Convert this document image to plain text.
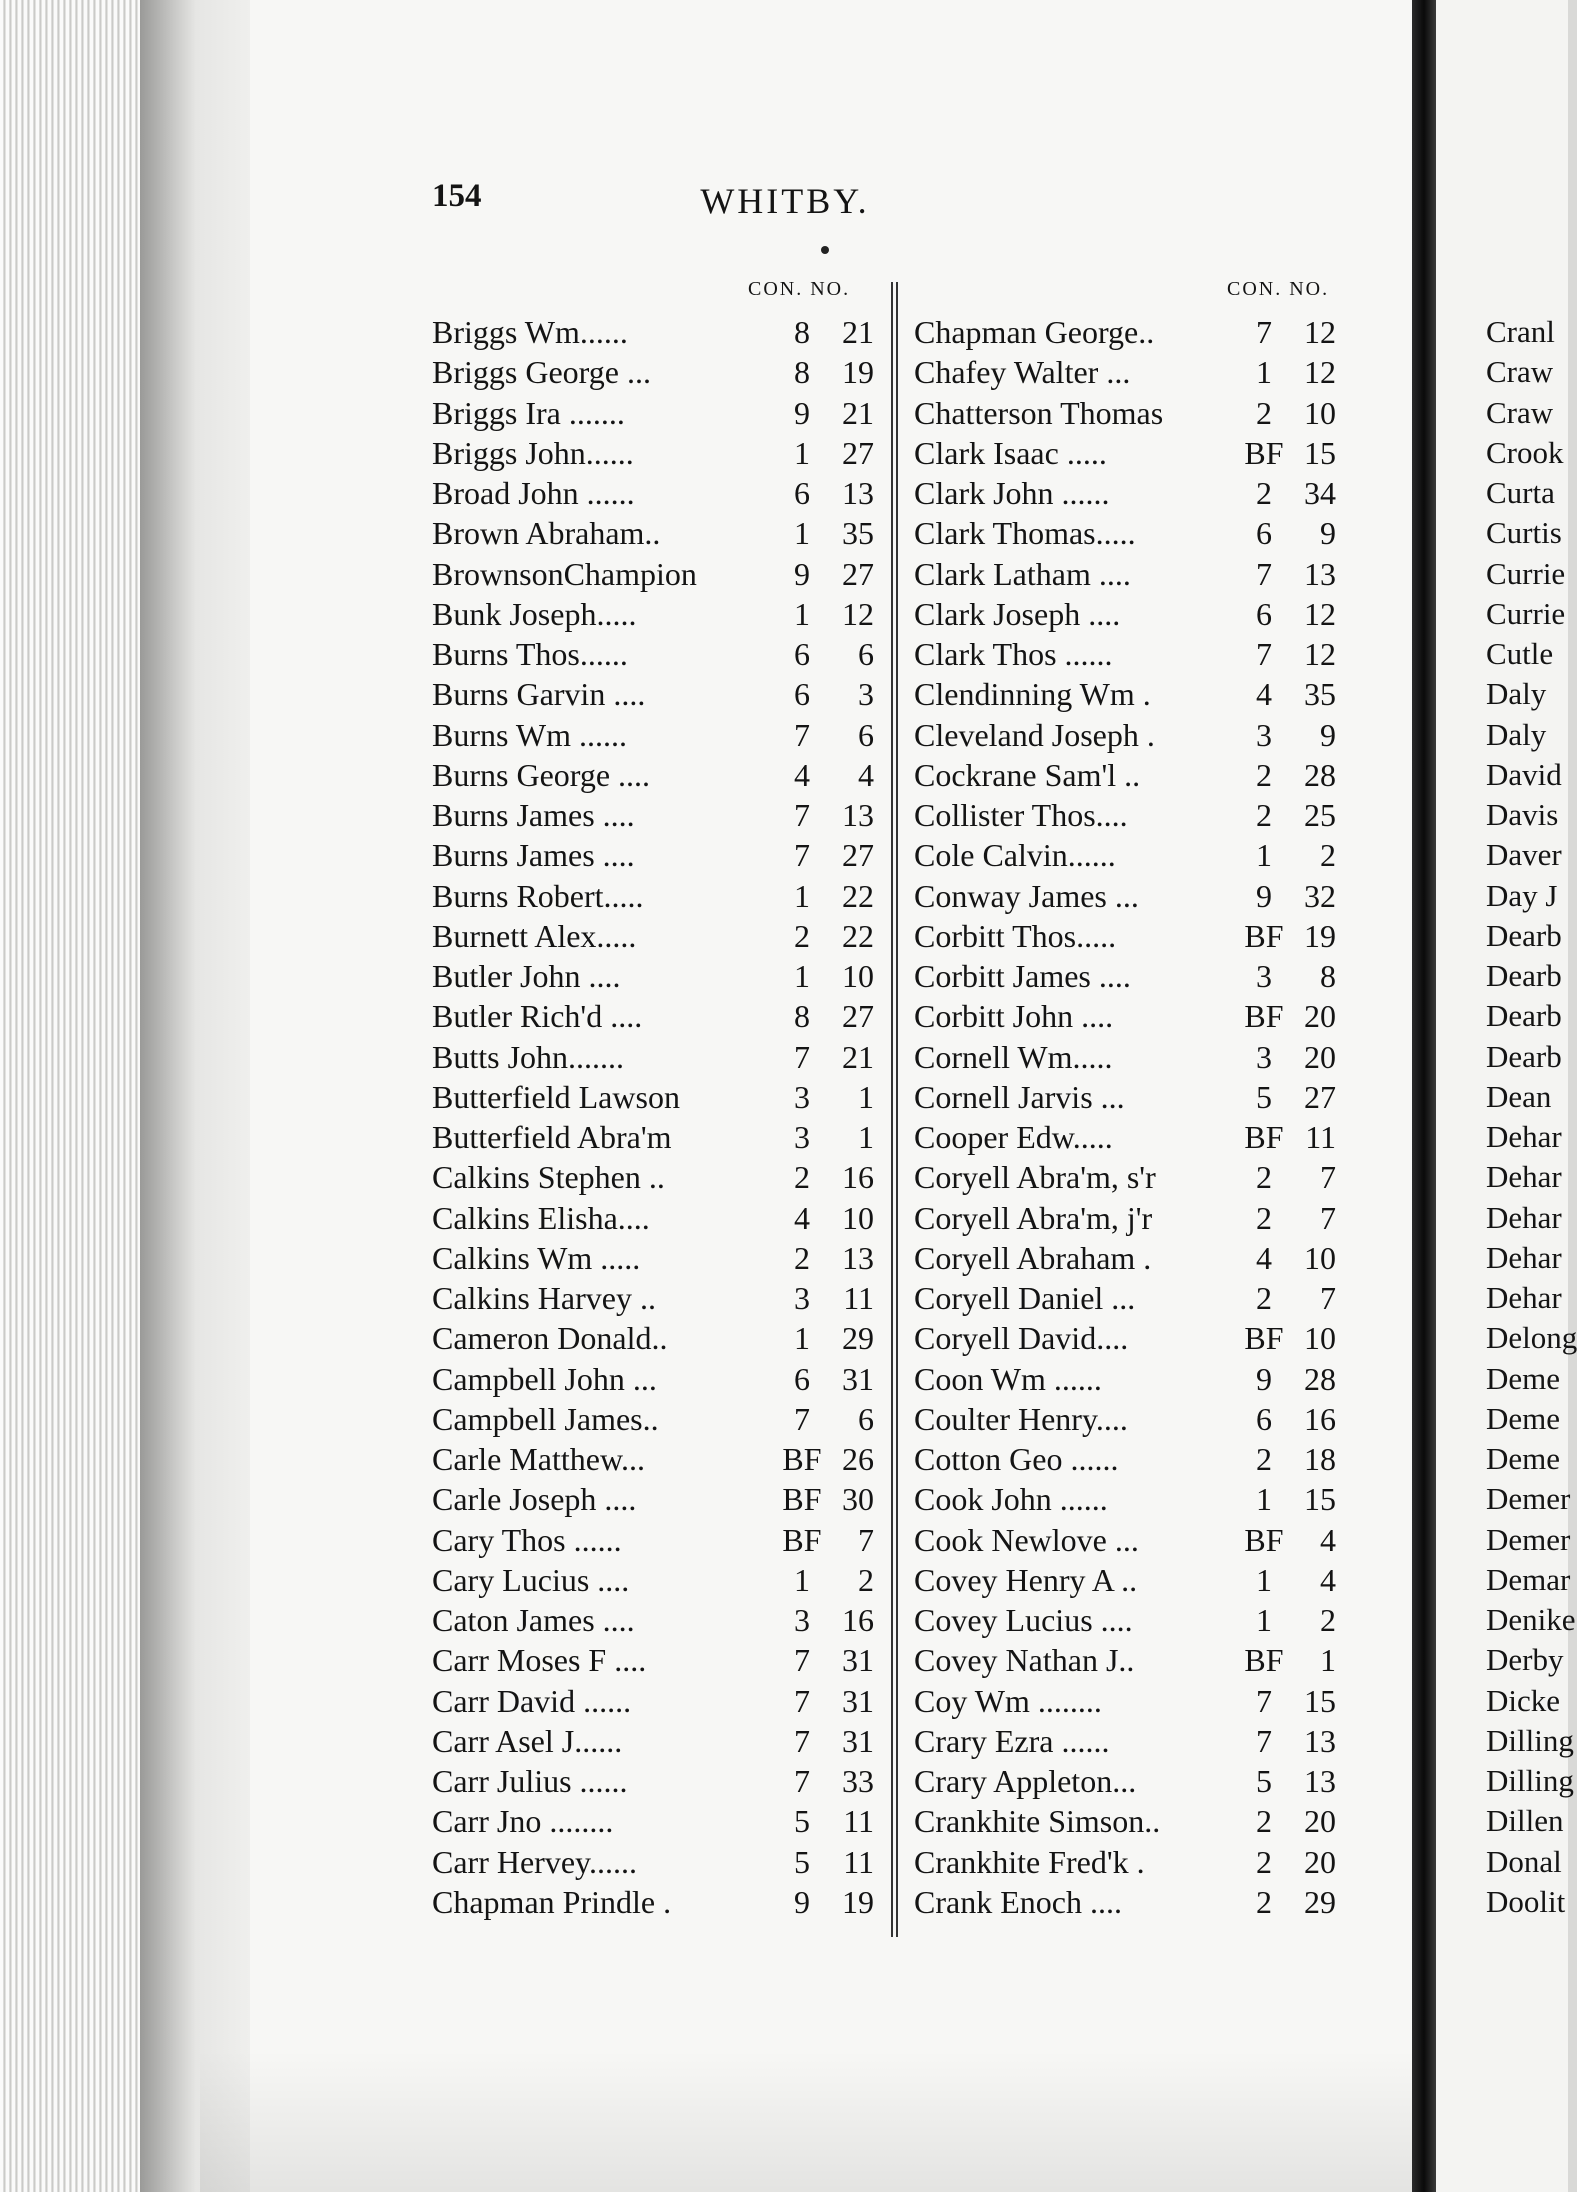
154	WHITBY.
CON. NO.	CON. NO.
Briggs Wm......	8	21
Briggs George ...	8	19
Briggs Ira .......	9	21
Briggs John......	1	27
Broad John ......	6	13
Brown Abraham..	1	35
BrownsonChampion	9	27
Bunk Joseph.....	1	12
Burns Thos......	6	6
Burns Garvin ....	6	3
Burns Wm ......	7	6
Burns George ....	4	4
Burns James ....	7	13
Burns James ....	7	27
Burns Robert.....	1	22
Burnett Alex.....	2	22
Butler John ....	1	10
Butler Rich'd ....	8	27
Butts John.......	7	21
Butterfield Lawson	3	1
Butterfield Abra'm	3	1
Calkins Stephen ..	2	16
Calkins Elisha....	4	10
Calkins Wm .....	2	13
Calkins Harvey ..	3	11
Cameron Donald..	1	29
Campbell John ...	6	31
Campbell James..	7	6
Carle Matthew...	BF 26
Carle Joseph ....	BF 30
Cary Thos ......	BF	7
Cary Lucius ....	1	2
Caton James ....	3	16
Carr Moses F ....	7	31
Carr David ......	7	31
Carr Asel J......	7	31
Carr Julius ......	7	33
Carr Jno ........	5	11
Carr Hervey......	5	11
Chapman Prindle .	9	19
Chapman George..	7	12
Chafey Walter ...	1	12
Chatterson Thomas	2	10
Clark Isaac .....	BF 15
Clark John ......	2	34
Clark Thomas.....	6	9
Clark Latham ....	7	13
Clark Joseph ....	6	12
Clark Thos ......	7	12
Clendinning Wm .	4	35
Cleveland Joseph .	3	9
Cockrane Sam'l ..	2	28
Collister Thos....	2	25
Cole Calvin......	1	2
Conway James ...	9	32
Corbitt Thos.....	BF 19
Corbitt James ....	3	8
Corbitt John ....	BF 20
Cornell Wm.....	3	20
Cornell Jarvis ...	5	27
Cooper Edw.....	BF 11
Coryell Abra'm, s'r	2	7
Coryell Abra'm, j'r	2	7
Coryell Abraham .	4	10
Coryell Daniel ...	2	7
Coryell David....	BF 10
Coon Wm ......	9	28
Coulter Henry....	6	16
Cotton Geo ......	2	18
Cook John ......	1	15
Cook Newlove ...	BF	4
Covey Henry A ..	1	4
Covey Lucius ....	1	2
Covey Nathan J..	BF	1
Coy Wm ........	7	15
Crary Ezra ......	7	13
Crary Appleton...	5	13
Crankhite Simson..	2	20
Crankhite Fred'k .	2	20
Crank Enoch ....	2	29
Cranl
Craw
Craw
Crook
Curta
Curtis
Currie
Currie
Cutle
Daly
Daly
David
Davis
Daver
Day J
Dearb
Dearb
Dearb
Dearb
Dean
Dehar
Dehar
Dehar
Dehar
Dehar
Delong
Deme
Deme
Deme
Demer
Demer
Demar
Denike
Derby
Dicke
Dilling
Dilling
Dillen
Donal
Doolit
